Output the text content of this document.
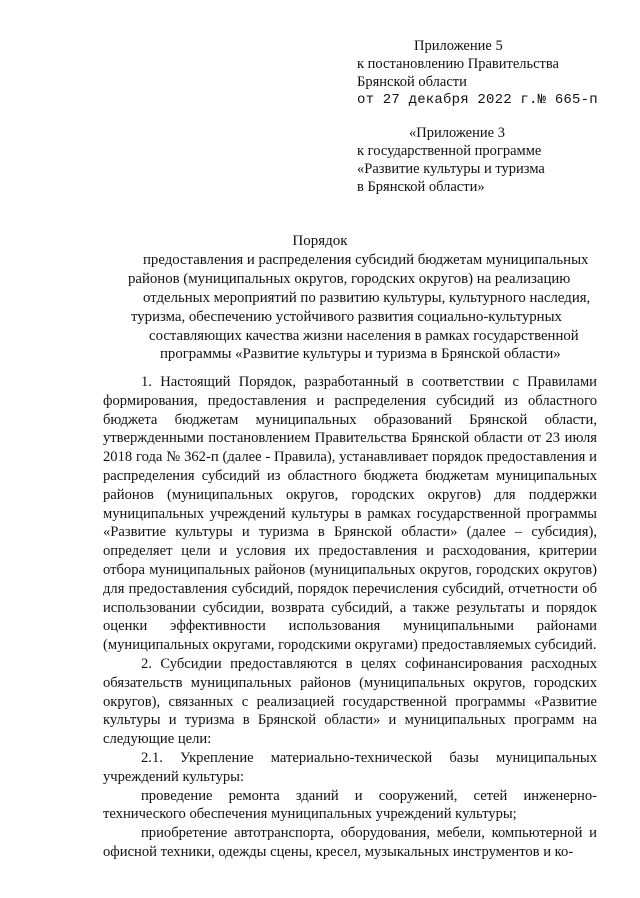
Приложение 5
к постановлению Правительства
Брянской области
от 27 декабря 2022 г.№ 665-п
«Приложение 3
к государственной программе
«Развитие культуры и туризма
в Брянской области»
Порядок
предоставления и распределения субсидий бюджетам муниципальных
районов (муниципальных округов, городских округов) на реализацию
отдельных мероприятий по развитию культуры, культурного наследия,
туризма, обеспечению устойчивого развития социально-культурных
составляющих качества жизни населения в рамках государственной
программы «Развитие культуры и туризма в Брянской области»

1. Настоящий Порядок, разработанный в соответствии с Правилами формирования, предоставления и распределения субсидий из областного бюджета бюджетам муниципальных образований Брянской области, утвержденными постановлением Правительства Брянской области от 23 июля 2018 года № 362-п (далее - Правила), устанавливает порядок предоставления и распределения субсидий из областного бюджета бюджетам муниципальных районов (муниципальных округов, городских округов) для поддержки муниципальных учреждений культуры в рамках государственной программы «Развитие культуры и туризма в Брянской области» (далее – субсидия), определяет цели и условия их предоставления и расходования, критерии отбора муниципальных районов (муниципальных округов, городских округов) для предоставления субсидий, порядок перечисления субсидий, отчетности об использовании субсидии, возврата субсидий, а также результаты и порядок оценки эффективности использования муниципальными районами (муниципальных округами, городскими округами) предоставляемых субсидий.

2. Субсидии предоставляются в целях софинансирования расходных обязательств муниципальных районов (муниципальных округов, городских округов), связанных с реализацией государственной программы «Развитие культуры и туризма в Брянской области» и муниципальных программ на следующие цели:

2.1. Укрепление материально-технической базы муниципальных учреждений культуры:

проведение ремонта зданий и сооружений, сетей инженерно-технического обеспечения муниципальных учреждений культуры;

приобретение автотранспорта, оборудования, мебели, компьютерной и офисной техники, одежды сцены, кресел, музыкальных инструментов и ко-
